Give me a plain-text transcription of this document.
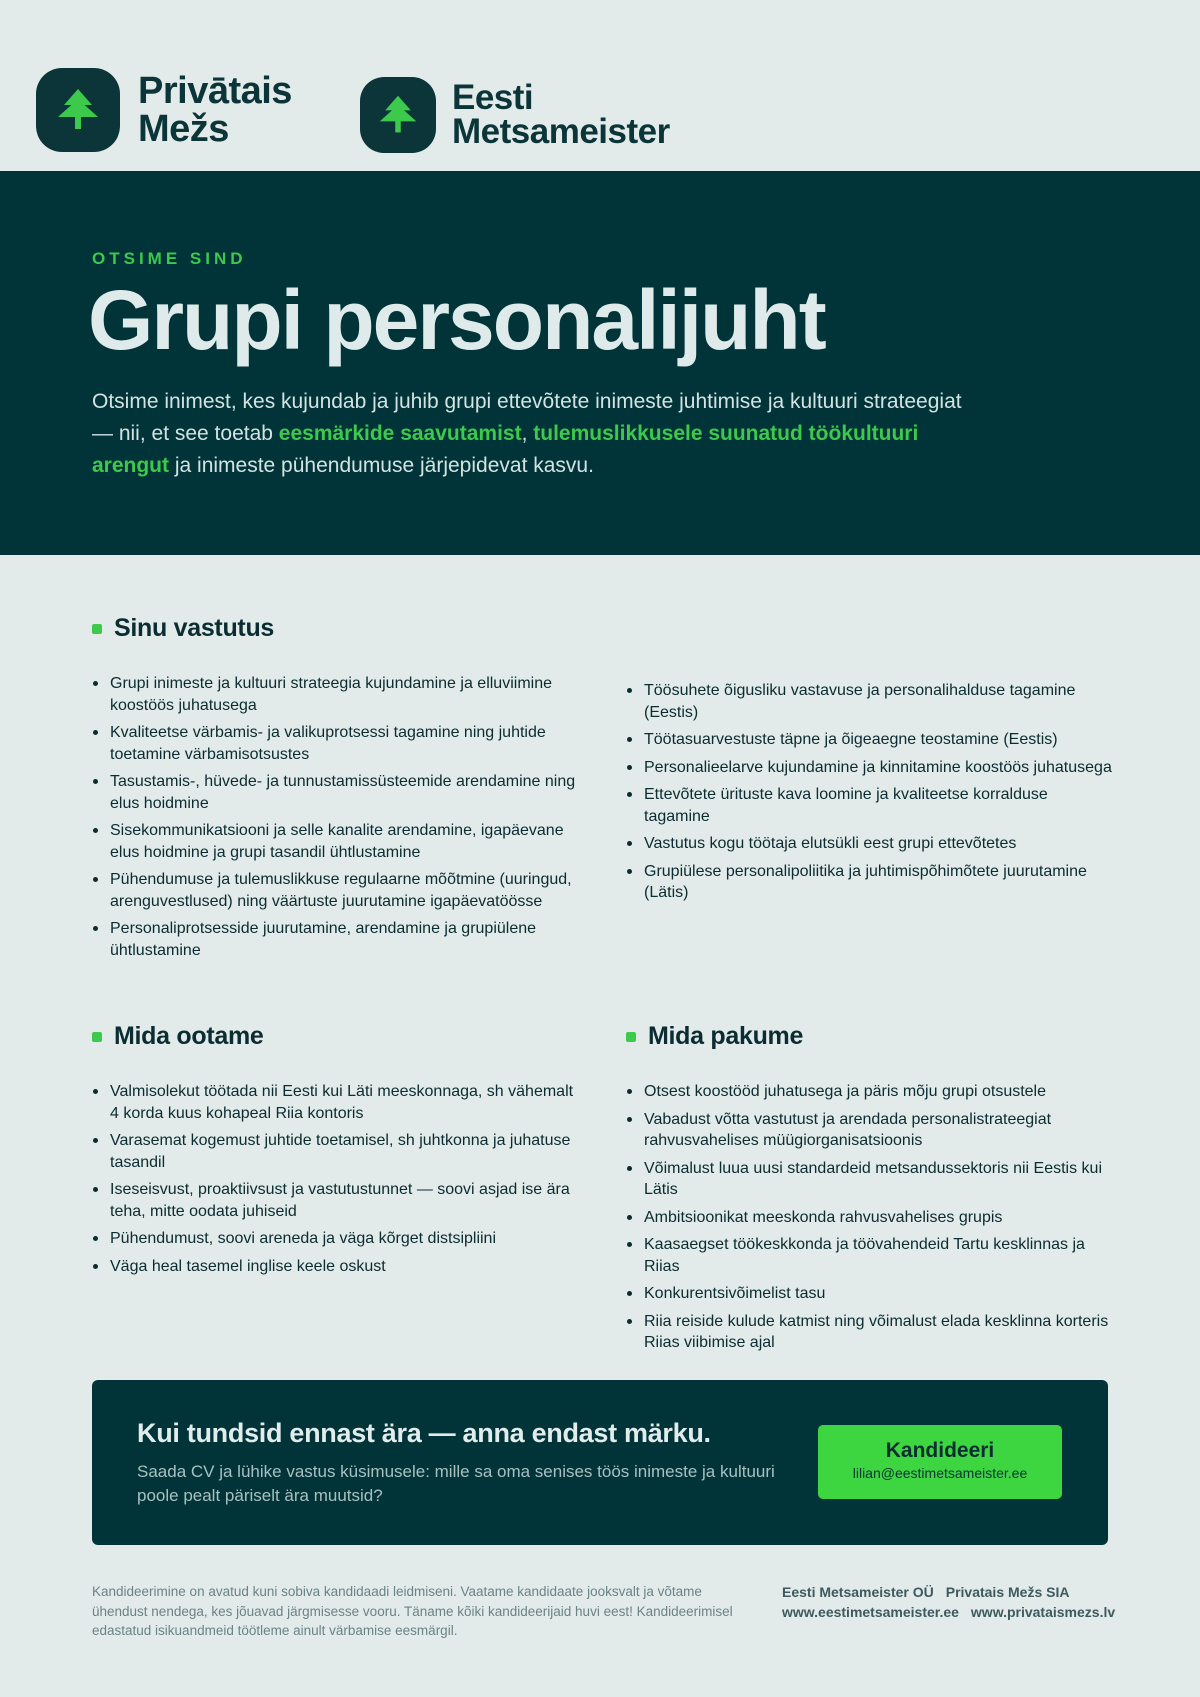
Privātais
Mežs
Eesti
Metsameister
OTSIME SIND
Grupi personalijuht
Otsime inimest, kes kujundab ja juhib grupi ettevõtete inimeste juhtimise ja kultuuri strateegiat — nii, et see toetab eesmärkide saavutamist, tulemuslikkusele suunatud töökultuuri arengut ja inimeste pühendumuse järjepidevat kasvu.
Sinu vastutus
Grupi inimeste ja kultuuri strateegia kujundamine ja elluviimine koostöös juhatusega
Kvaliteetse värbamis- ja valikuprotsessi tagamine ning juhtide toetamine värbamisotsustes
Tasustamis-, hüvede- ja tunnustamissüsteemide arendamine ning elus hoidmine
Sisekommunikatsiooni ja selle kanalite arendamine, igapäevane elus hoidmine ja grupi tasandil ühtlustamine
Pühendumuse ja tulemuslikkuse regulaarne mõõtmine (uuringud, arenguvestlused) ning väärtuste juurutamine igapäevatöösse
Personaliprotsesside juurutamine, arendamine ja grupiülene ühtlustamine
Töösuhete õigusliku vastavuse ja personalihalduse tagamine (Eestis)
Töötasuarvestuste täpne ja õigeaegne teostamine (Eestis)
Personalieelarve kujundamine ja kinnitamine koostöös juhatusega
Ettevõtete ürituste kava loomine ja kvaliteetse korralduse tagamine
Vastutus kogu töötaja elutsükli eest grupi ettevõtetes
Grupiülese personalipoliitika ja juhtimispõhimõtete juurutamine (Lätis)
Mida ootame
Valmisolekut töötada nii Eesti kui Läti meeskonnaga, sh vähemalt 4 korda kuus kohapeal Riia kontoris
Varasemat kogemust juhtide toetamisel, sh juhtkonna ja juhatuse tasandil
Iseseisvust, proaktiivsust ja vastutustunnet — soovi asjad ise ära teha, mitte oodata juhiseid
Pühendumust, soovi areneda ja väga kõrget distsipliini
Väga heal tasemel inglise keele oskust
Mida pakume
Otsest koostööd juhatusega ja päris mõju grupi otsustele
Vabadust võtta vastutust ja arendada personalistrateegiat rahvusvahelises müügiorganisatsioonis
Võimalust luua uusi standardeid metsandussektoris nii Eestis kui Lätis
Ambitsioonikat meeskonda rahvusvahelises grupis
Kaasaegset töökeskkonda ja töövahendeid Tartu kesklinnas ja Riias
Konkurentsivõimelist tasu
Riia reiside kulude katmist ning võimalust elada kesklinna korteris Riias viibimise ajal
Kui tundsid ennast ära — anna endast märku.
Saada CV ja lühike vastus küsimusele: mille sa oma senises töös inimeste ja kultuuri poole pealt päriselt ära muutsid?
Kandideeri
lilian@eestimetsameister.ee
Kandideerimine on avatud kuni sobiva kandidaadi leidmiseni. Vaatame kandidaate jooksvalt ja võtame ühendust nendega, kes jõuavad järgmisesse vooru. Täname kõiki kandideerijaid huvi eest! Kandideerimisel edastatud isikuandmeid töötleme ainult värbamise eesmärgil.
Eesti Metsameister OÜ Privatais Mežs SIA
www.eestimetsameister.ee www.privataismezs.lv
